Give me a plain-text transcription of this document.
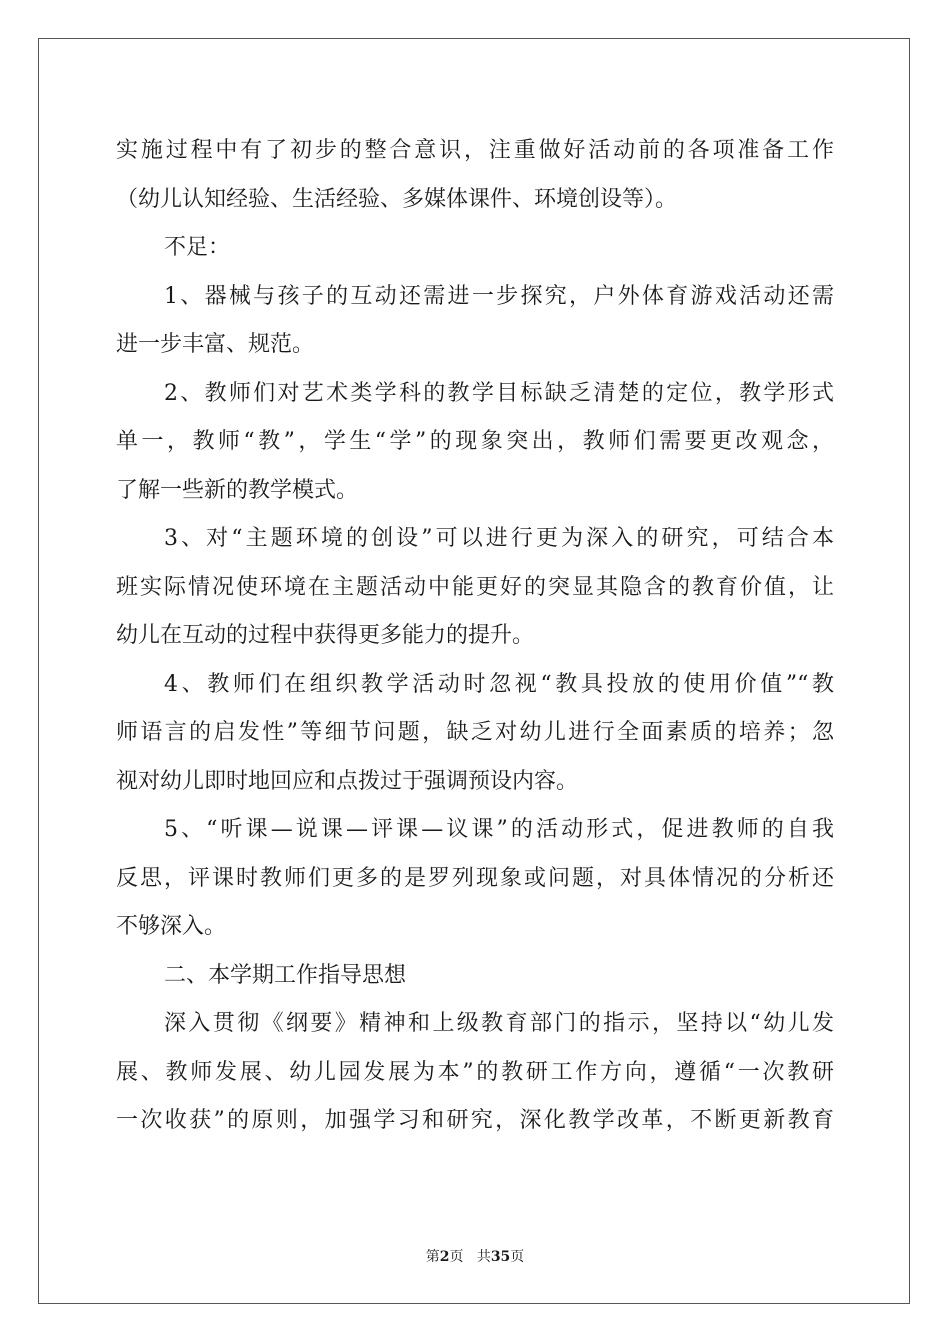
实施过程中有了初步的整合意识，注重做好活动前的各项准备工作
（幼儿认知经验、生活经验、多媒体课件、环境创设等）。
不足：
1、器械与孩子的互动还需进一步探究，户外体育游戏活动还需
进一步丰富、规范。
2、教师们对艺术类学科的教学目标缺乏清楚的定位，教学形式
单一，教师“教”，学生“学”的现象突出，教师们需要更改观念，
了解一些新的教学模式。
3、对“主题环境的创设”可以进行更为深入的研究，可结合本
班实际情况使环境在主题活动中能更好的突显其隐含的教育价值，让
幼儿在互动的过程中获得更多能力的提升。
4、教师们在组织教学活动时忽视“教具投放的使用价值”“教
师语言的启发性”等细节问题，缺乏对幼儿进行全面素质的培养；忽
视对幼儿即时地回应和点拨过于强调预设内容。
5、“听课—说课—评课—议课”的活动形式，促进教师的自我
反思，评课时教师们更多的是罗列现象或问题，对具体情况的分析还
不够深入。
二、本学期工作指导思想
深入贯彻《纲要》精神和上级教育部门的指示，坚持以“幼儿发
展、教师发展、幼儿园发展为本”的教研工作方向，遵循“一次教研
一次收获”的原则，加强学习和研究，深化教学改革，不断更新教育
第2页 共35页
